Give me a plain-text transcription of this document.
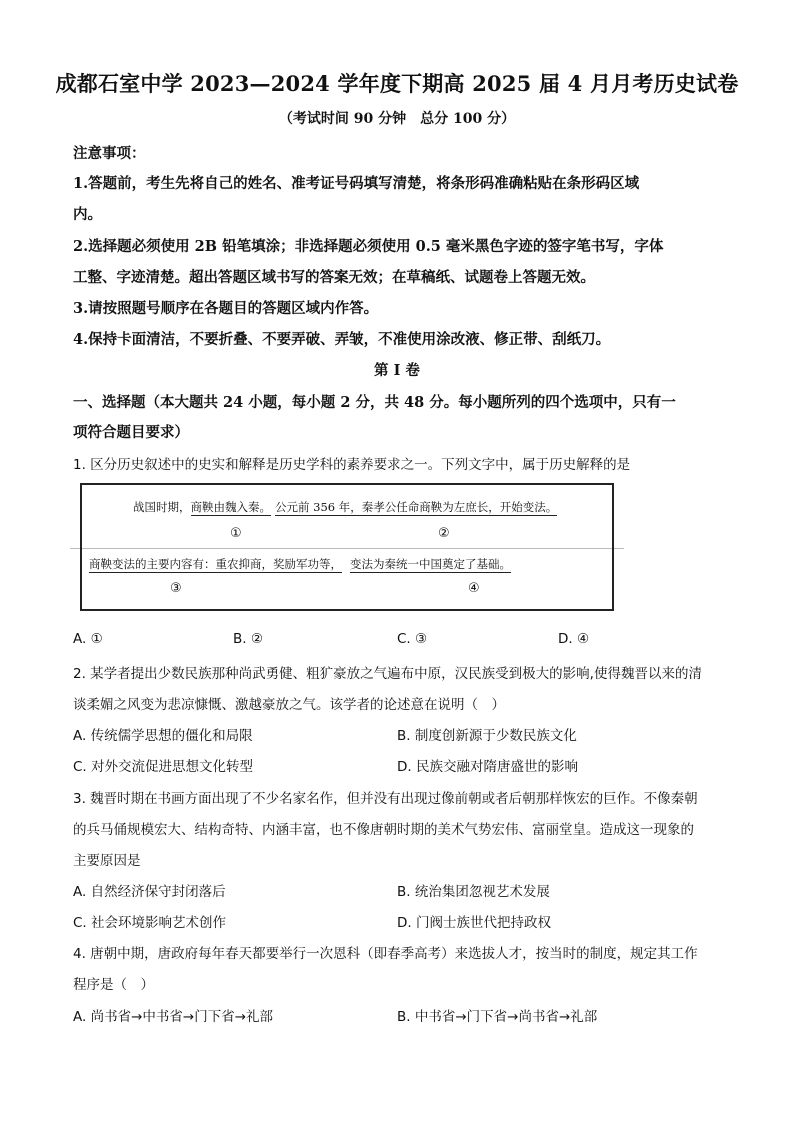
成都石室中学 2023—2024 学年度下期高 2025 届 4 月月考历史试卷
（考试时间 90 分钟　总分 100 分）
注意事项：
1.答题前，考生先将自己的姓名、准考证号码填写清楚，将条形码准确粘贴在条形码区域
内。
2.选择题必须使用 2B 铅笔填涂；非选择题必须使用 0.5 毫米黑色字迹的签字笔书写，字体
工整、字迹清楚。超出答题区域书写的答案无效；在草稿纸、试题卷上答题无效。
3.请按照题号顺序在各题目的答题区域内作答。
4.保持卡面清洁，不要折叠、不要弄破、弄皱，不准使用涂改液、修正带、刮纸刀。
第 I 卷
一、选择题（本大题共 24 小题，每小题 2 分，共 48 分。每小题所列的四个选项中，只有一
项符合题目要求）
1. 区分历史叙述中的史实和解释是历史学科的素养要求之一。下列文字中，属于历史解释的是
战国时期，商鞅由魏入秦。 公元前 356 年，秦孝公任命商鞅为左庶长，开始变法。
①	②
商鞅变法的主要内容有：重农抑商，奖励军功等， 变法为秦统一中国奠定了基础。
③	④
A. ①	B. ②	C. ③	D. ④
2. 某学者提出少数民族那种尚武勇健、粗犷豪放之气遍布中原，汉民族受到极大的影响,使得魏晋以来的清
谈柔媚之风变为悲凉慷慨、激越豪放之气。该学者的论述意在说明（　）
A. 传统儒学思想的僵化和局限	B. 制度创新源于少数民族文化
C. 对外交流促进思想文化转型	D. 民族交融对隋唐盛世的影响
3. 魏晋时期在书画方面出现了不少名家名作，但并没有出现过像前朝或者后朝那样恢宏的巨作。不像秦朝
的兵马俑规模宏大、结构奇特、内涵丰富，也不像唐朝时期的美术气势宏伟、富丽堂皇。造成这一现象的
主要原因是
A. 自然经济保守封闭落后	B. 统治集团忽视艺术发展
C. 社会环境影响艺术创作	D. 门阀士族世代把持政权
4. 唐朝中期，唐政府每年春天都要举行一次恩科（即春季高考）来选拔人才，按当时的制度，规定其工作
程序是（　）
A. 尚书省→中书省→门下省→礼部	B. 中书省→门下省→尚书省→礼部
